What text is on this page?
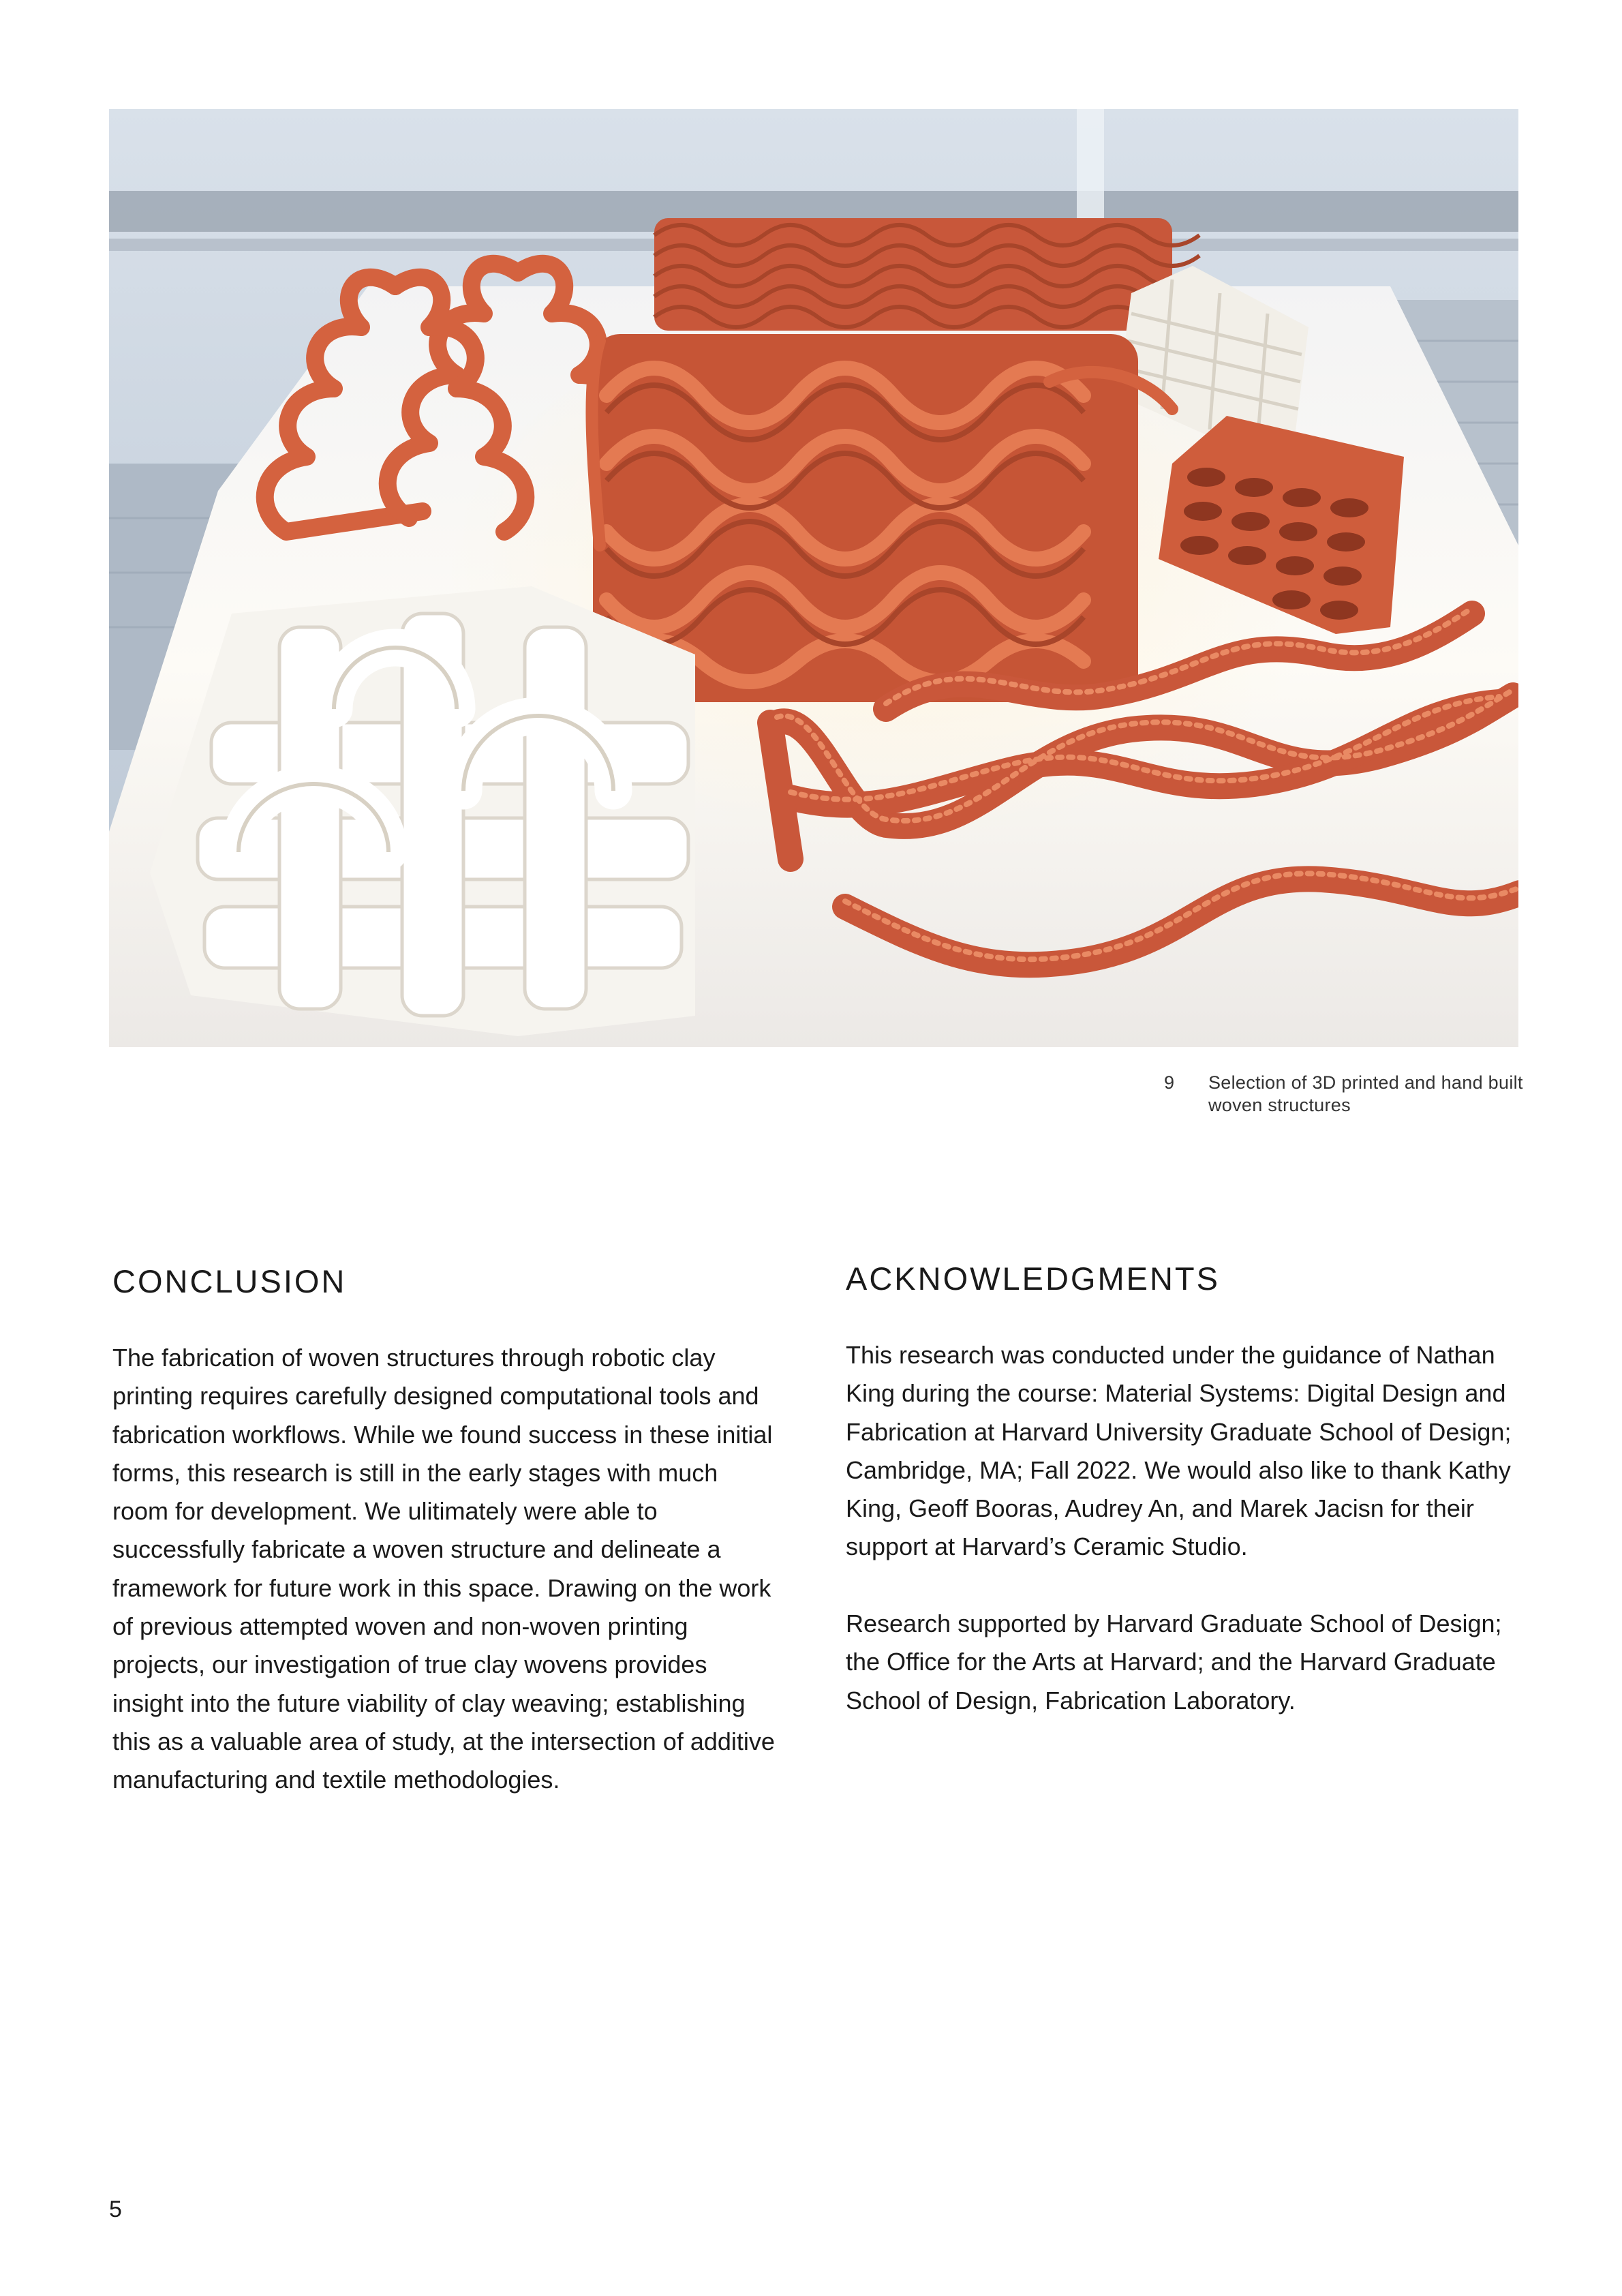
9 Selection of 3D printed and hand built woven structures
CONCLUSION

The fabrication of woven structures through robotic clay printing requires carefully designed computational tools and fabrication workflows. While we found success in these initial forms, this research is still in the early stages with much room for development. We ulitimately were able to successfully fabricate a woven structure and delineate a framework for future work in this space. Drawing on the work of previous attempted woven and non-woven printing projects, our investigation of true clay wovens provides insight into the future viability of clay weaving; establishing this as a valuable area of study, at the intersection of additive manufacturing and textile methodologies.

ACKNOWLEDGMENTS

This research was conducted under the guidance of Nathan King during the course: Material Systems: Digital Design and Fabrication at Harvard University Graduate School of Design; Cambridge, MA; Fall 2022. We would also like to thank Kathy King, Geoff Booras, Audrey An, and Marek Jacisn for their support at Harvard’s Ceramic Studio.

Research supported by Harvard Graduate School of Design; the Office for the Arts at Harvard; and the Harvard Graduate School of Design, Fabrication Laboratory.

5
